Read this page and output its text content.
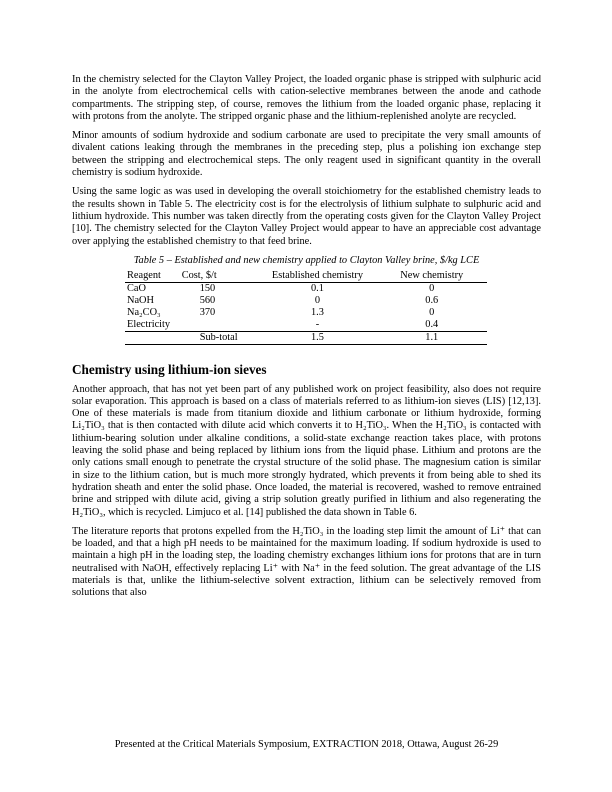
In the chemistry selected for the Clayton Valley Project, the loaded organic phase is stripped with sulphuric acid in the anolyte from electrochemical cells with cation-selective membranes between the anode and cathode compartments. The stripping step, of course, removes the lithium from the loaded organic phase, replacing it with protons from the anolyte. The stripped organic phase and the lithium-replenished anolyte are recycled.

Minor amounts of sodium hydroxide and sodium carbonate are used to precipitate the very small amounts of divalent cations leaking through the membranes in the preceding step, plus a polishing ion exchange step between the stripping and electrochemical steps. The only reagent used in significant quantity in the overall chemistry is sodium hydroxide.

Using the same logic as was used in developing the overall stoichiometry for the established chemistry leads to the results shown in Table 5. The electricity cost is for the electrolysis of lithium sulphate to sulphuric acid and lithium hydroxide. This number was taken directly from the operating costs given for the Clayton Valley Project [10]. The chemistry selected for the Clayton Valley Project would appear to have an appreciable cost advantage over applying the established chemistry to that feed brine.

Table 5 – Established and new chemistry applied to Clayton Valley brine, $/kg LCE
Reagent	Cost, $/t	Established chemistry	New chemistry
CaO	150	0.1	0
NaOH	560	0	0.6
Na₂CO₃	370	1.3	0
Electricity		-	0.4
	Sub-total	1.5	1.1
Chemistry using lithium-ion sieves

Another approach, that has not yet been part of any published work on project feasibility, also does not require solar evaporation. This approach is based on a class of materials referred to as lithium-ion sieves (LIS) [12,13]. One of these materials is made from titanium dioxide and lithium carbonate or lithium hydroxide, forming Li₂TiO₃ that is then contacted with dilute acid which converts it to H₂TiO₃. When the H₂TiO₃ is contacted with lithium-bearing solution under alkaline conditions, a solid-state exchange reaction takes place, with protons leaving the solid phase and being replaced by lithium ions from the liquid phase. Lithium and protons are the only cations small enough to penetrate the crystal structure of the solid phase. The magnesium cation is similar in size to the lithium cation, but is much more strongly hydrated, which prevents it from being able to shed its hydration sheath and enter the solid phase. Once loaded, the material is recovered, washed to remove entrained brine and stripped with dilute acid, giving a strip solution greatly purified in lithium and also regenerating the H₂TiO₃, which is recycled. Limjuco et al. [14] published the data shown in Table 6.

The literature reports that protons expelled from the H₂TiO₃ in the loading step limit the amount of Li⁺ that can be loaded, and that a high pH needs to be maintained for the maximum loading. If sodium hydroxide is used to maintain a high pH in the loading step, the loading chemistry exchanges lithium ions for protons that are in turn neutralised with NaOH, effectively replacing Li⁺ with Na⁺ in the feed solution. The great advantage of the LIS materials is that, unlike the lithium-selective solvent extraction, lithium can be selectively removed from solutions that also

Presented at the Critical Materials Symposium, EXTRACTION 2018, Ottawa, August 26-29
